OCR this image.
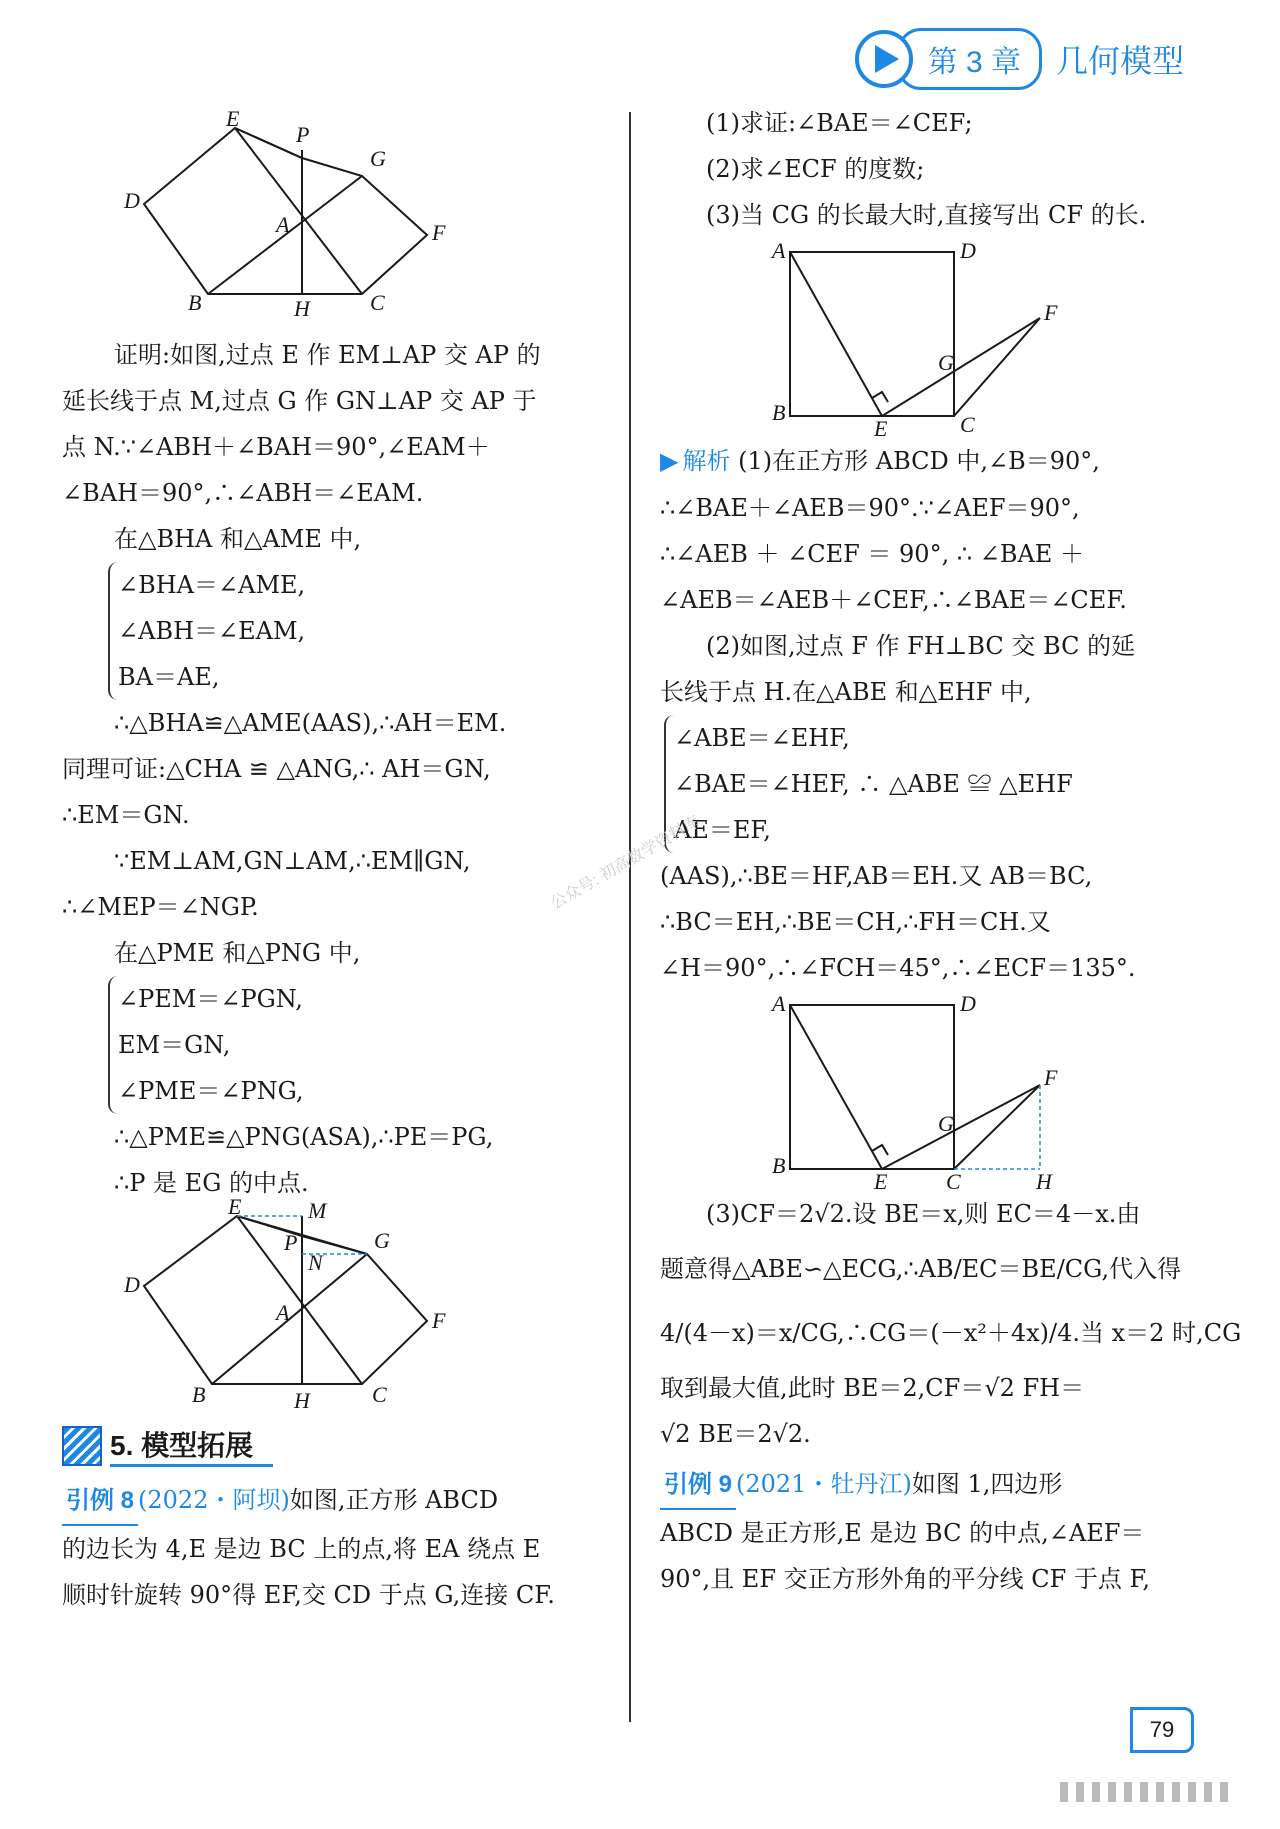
第 3 章	几何模型
E
P
G
D
A	F
B	H	C
证明:如图,过点 E 作 EM⊥AP 交 AP 的
延长线于点 M,过点 G 作 GN⊥AP 交 AP 于
点 N.∵∠ABH＋∠BAH＝90°,∠EAM＋
∠BAH＝90°,∴∠ABH＝∠EAM.
在△BHA 和△AME 中,
∠BHA＝∠AME,
∠ABH＝∠EAM,
BA＝AE,
∴△BHA≌△AME(AAS),∴AH＝EM.
同理可证:△CHA ≌ △ANG,∴ AH＝GN,
∴EM＝GN.
∵EM⊥AM,GN⊥AM,∴EM∥GN,
∴∠MEP＝∠NGP.
在△PME 和△PNG 中,
∠PEM＝∠PGN,
EM＝GN,
∠PME＝∠PNG,
∴△PME≌△PNG(ASA),∴PE＝PG,
∴P 是 EG 的中点.
E	M
P
N
G
D
A	F
B	H	C
5. 模型拓展
引例 8 (2022・阿坝)如图,正方形 ABCD
的边长为 4,E 是边 BC 上的点,将 EA 绕点 E
顺时针旋转 90°得 EF,交 CD 于点 G,连接 CF.
(1)求证:∠BAE＝∠CEF;
(2)求∠ECF 的度数;
(3)当 CG 的长最大时,直接写出 CF 的长.
A	D
F
G
B
E	C
▶ 解析 (1)在正方形 ABCD 中,∠B＝90°,
∴∠BAE＋∠AEB＝90°.∵∠AEF＝90°,
∴∠AEB ＋ ∠CEF ＝ 90°, ∴ ∠BAE ＋
∠AEB＝∠AEB＋∠CEF,∴∠BAE＝∠CEF.
(2)如图,过点 F 作 FH⊥BC 交 BC 的延
长线于点 H.在△ABE 和△EHF 中,
∠ABE＝∠EHF,
∠BAE＝∠HEF, ∴ △ABE ≌ △EHF
AE＝EF,
(AAS),∴BE＝HF,AB＝EH.又 AB＝BC,
∴BC＝EH,∴BE＝CH,∴FH＝CH.又
∠H＝90°,∴∠FCH＝45°,∴∠ECF＝135°.
A	D
F
G
B
E	C	H
(3)CF＝2√2.设 BE＝x,则 EC＝4－x.由
题意得△ABE∽△ECG,∴AB/EC＝BE/CG,代入得
4/(4－x)＝x/CG,∴CG＝(－x²＋4x)/4.当 x＝2 时,CG
取到最大值,此时 BE＝2,CF＝√2 FH＝
√2 BE＝2√2.
引例 9 (2021・牡丹江)如图 1,四边形
ABCD 是正方形,E 是边 BC 的中点,∠AEF＝
90°,且 EF 交正方形外角的平分线 CF 于点 F,
公众号: 初高数学资料库
79
